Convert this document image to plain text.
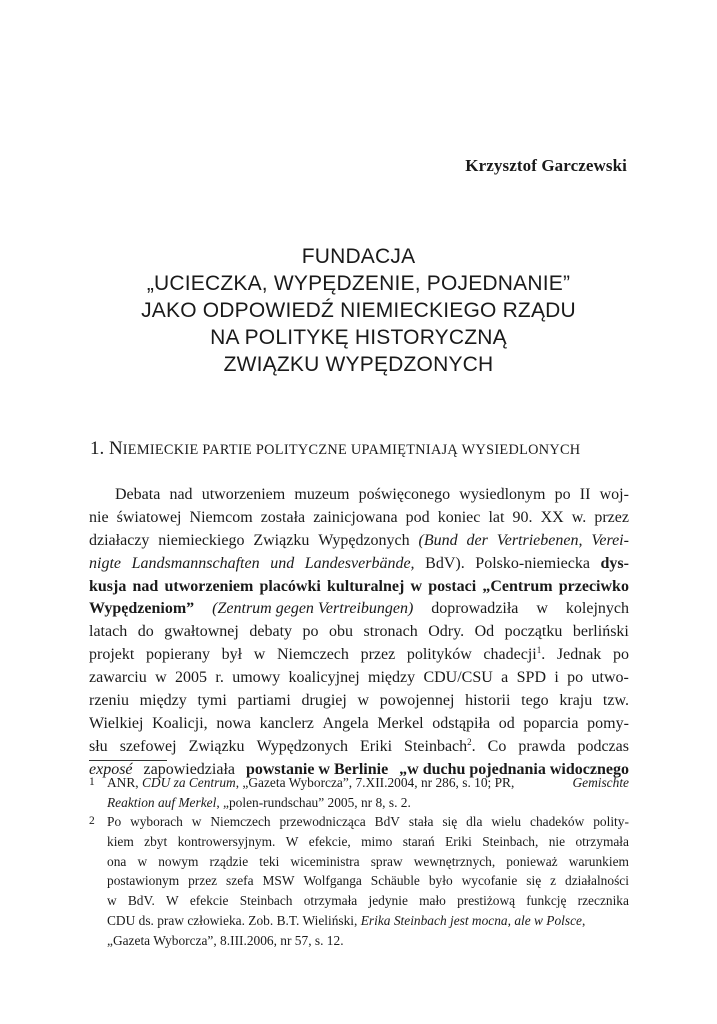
Krzysztof Garczewski
FUNDACJA
„UCIECZKA, WYPĘDZENIE, POJEDNANIE”
JAKO ODPOWIEDŹ NIEMIECKIEGO RZĄDU
NA POLITYKĘ HISTORYCZNĄ
ZWIĄZKU WYPĘDZONYCH
1. NIEMIECKIE PARTIE POLITYCZNE UPAMIĘTNIAJĄ WYSIEDLONYCH
Debata nad utworzeniem muzeum poświęconego wysiedlonym po II woj-
nie światowej Niemcom została zainicjowana pod koniec lat 90. XX w. przez
działaczy niemieckiego Związku Wypędzonych (Bund der Vertriebenen, Verei-
nigte Landsmannschaften und Landesverbände, BdV). Polsko-niemiecka dys-
kusja nad utworzeniem placówki kulturalnej w postaci „Centrum przeciwko
Wypędzeniom” (Zentrum gegen Vertreibungen) doprowadziła w kolejnych
latach do gwałtownej debaty po obu stronach Odry. Od początku berliński
projekt popierany był w Niemczech przez polityków chadecji$^1$. Jednak po
zawarciu w 2005 r. umowy koalicyjnej między CDU/CSU a SPD i po utwo-
rzeniu między tymi partiami drugiej w powojennej historii tego kraju tzw.
Wielkiej Koalicji, nowa kanclerz Angela Merkel odstąpiła od poparcia pomy-
słu szefowej Związku Wypędzonych Eriki Steinbach$^2$. Co prawda podczas
exposé zapowiedziała powstanie w Berlinie „w duchu pojednania widocznego
1 ANR, CDU za Centrum, „Gazeta Wyborcza”, 7.XII.2004, nr 286, s. 10; PR,	Gemischte
Reaktion auf Merkel, „polen-rundschau” 2005, nr 8, s. 2.
2 Po wyborach w Niemczech przewodnicząca BdV stała się dla wielu chadeków polity-
kiem zbyt kontrowersyjnym. W efekcie, mimo starań Eriki Steinbach, nie otrzymała
ona w nowym rządzie teki wiceministra spraw wewnętrznych, ponieważ warunkiem
postawionym przez szefa MSW Wolfganga Schäuble było wycofanie się z działalności
w BdV. W efekcie Steinbach otrzymała jedynie mało prestiżową funkcję rzecznika
CDU ds. praw człowieka. Zob. B.T. Wieliński, Erika Steinbach jest mocna, ale w Polsce,
„Gazeta Wyborcza”, 8.III.2006, nr 57, s. 12.
